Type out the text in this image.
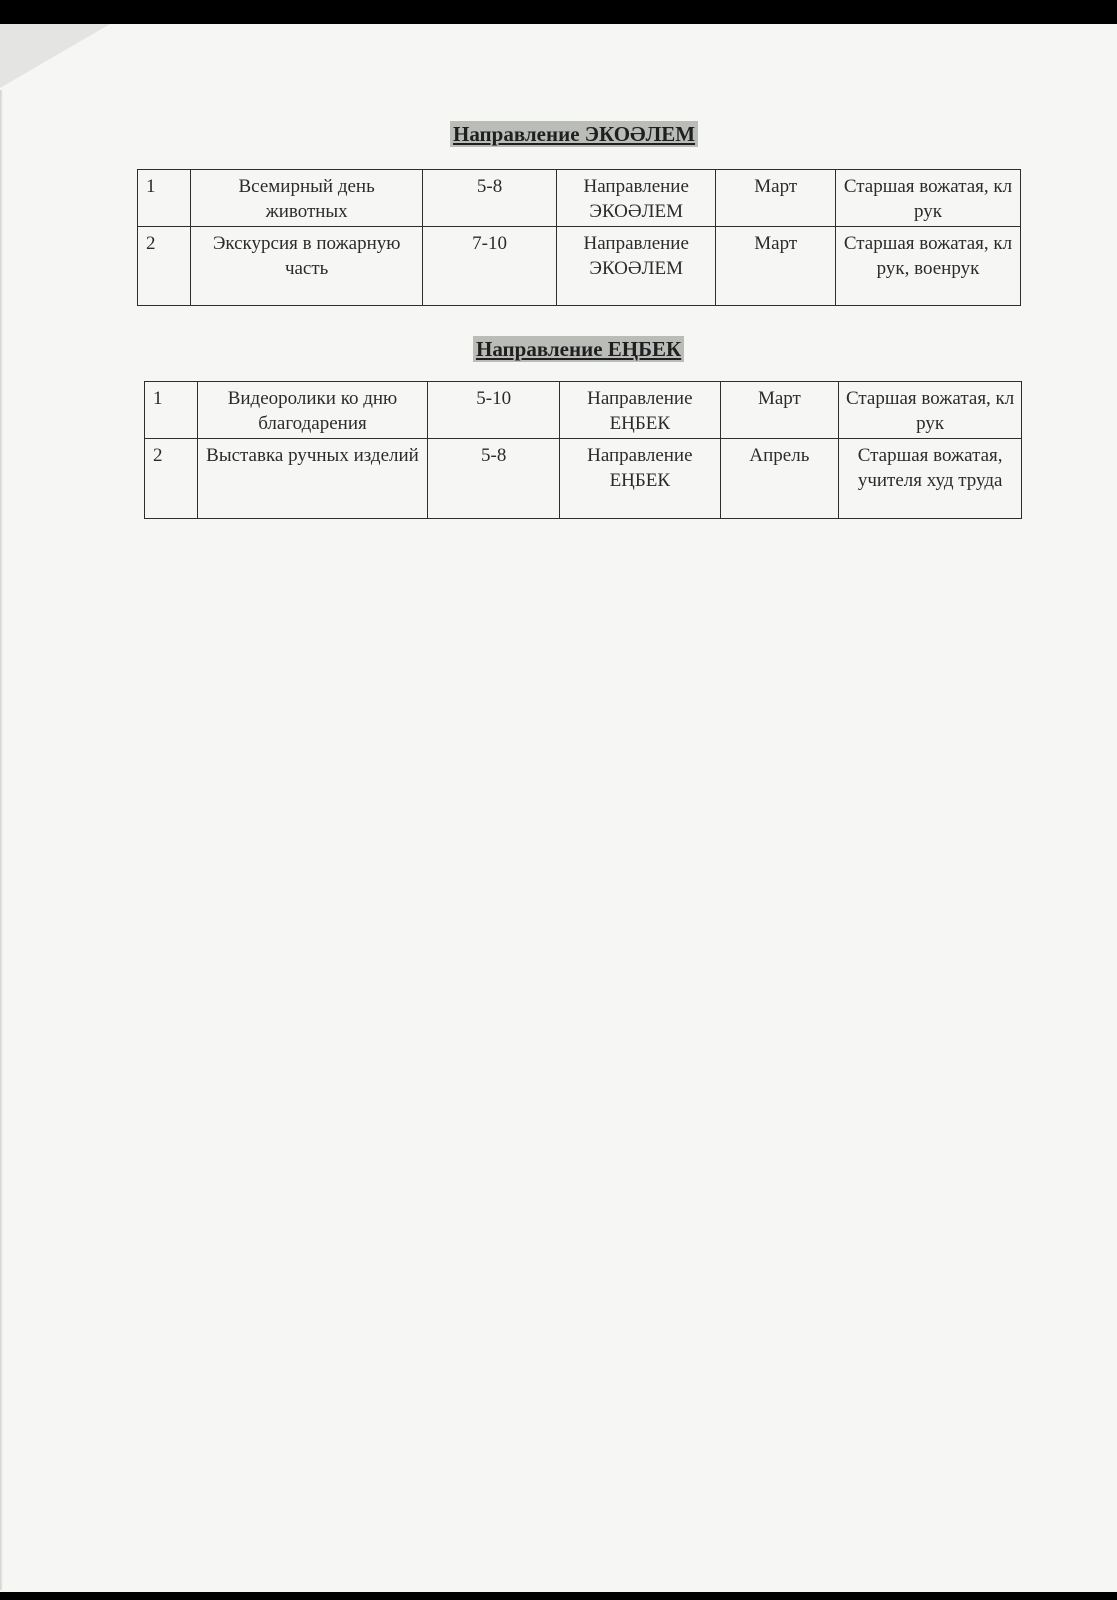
Направление ЭКОӘЛЕМ
1	Всемирный день животных	5-8	Направление ЭКОӘЛЕМ	Март	Старшая вожатая, кл рук
2	Экскурсия в пожарную часть	7-10	Направление ЭКОӘЛЕМ	Март	Старшая вожатая, кл рук, военрук
Направление ЕҢБЕК
1	Видеоролики ко дню благодарения	5-10	Направление ЕҢБЕК	Март	Старшая вожатая, кл рук
2	Выставка ручных изделий	5-8	Направление ЕҢБЕК	Апрель	Старшая вожатая, учителя худ труда
